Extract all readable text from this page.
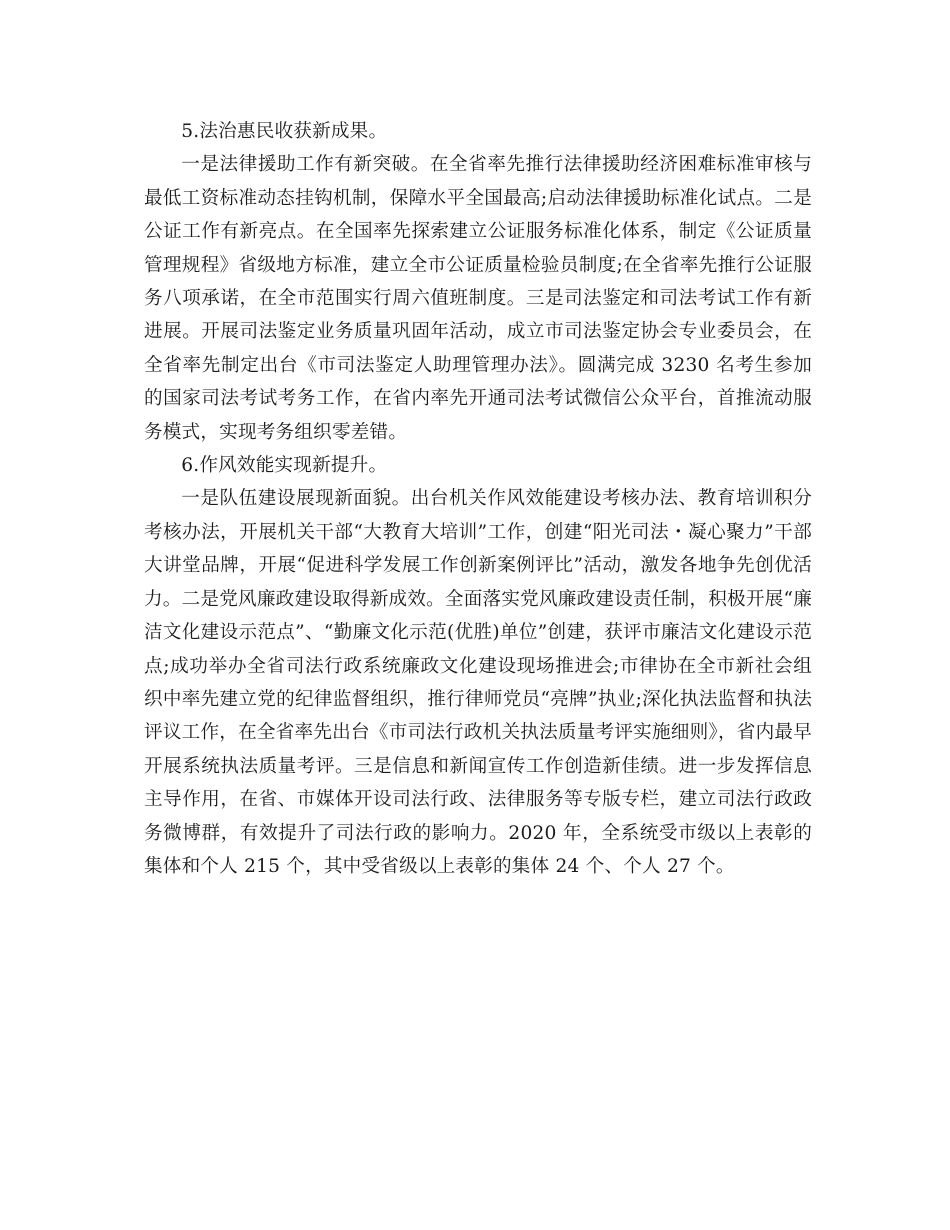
5.法治惠民收获新成果。

一是法律援助工作有新突破。在全省率先推行法律援助经济困难标准审核与最低工资标准动态挂钩机制，保障水平全国最高;启动法律援助标准化试点。二是公证工作有新亮点。在全国率先探索建立公证服务标准化体系，制定《公证质量管理规程》省级地方标准，建立全市公证质量检验员制度;在全省率先推行公证服务八项承诺，在全市范围实行周六值班制度。三是司法鉴定和司法考试工作有新进展。开展司法鉴定业务质量巩固年活动，成立市司法鉴定协会专业委员会，在全省率先制定出台《市司法鉴定人助理管理办法》。圆满完成 3230 名考生参加的国家司法考试考务工作，在省内率先开通司法考试微信公众平台，首推流动服务模式，实现考务组织零差错。

6.作风效能实现新提升。

一是队伍建设展现新面貌。出台机关作风效能建设考核办法、教育培训积分考核办法，开展机关干部“大教育大培训”工作，创建“阳光司法・凝心聚力”干部大讲堂品牌，开展“促进科学发展工作创新案例评比”活动，激发各地争先创优活力。二是党风廉政建设取得新成效。全面落实党风廉政建设责任制，积极开展“廉洁文化建设示范点”、“勤廉文化示范(优胜)单位”创建，获评市廉洁文化建设示范点;成功举办全省司法行政系统廉政文化建设现场推进会;市律协在全市新社会组织中率先建立党的纪律监督组织，推行律师党员“亮牌”执业;深化执法监督和执法评议工作，在全省率先出台《市司法行政机关执法质量考评实施细则》，省内最早开展系统执法质量考评。三是信息和新闻宣传工作创造新佳绩。进一步发挥信息主导作用，在省、市媒体开设司法行政、法律服务等专版专栏，建立司法行政政务微博群，有效提升了司法行政的影响力。2020 年，全系统受市级以上表彰的集体和个人 215 个，其中受省级以上表彰的集体 24 个、个人 27 个。
